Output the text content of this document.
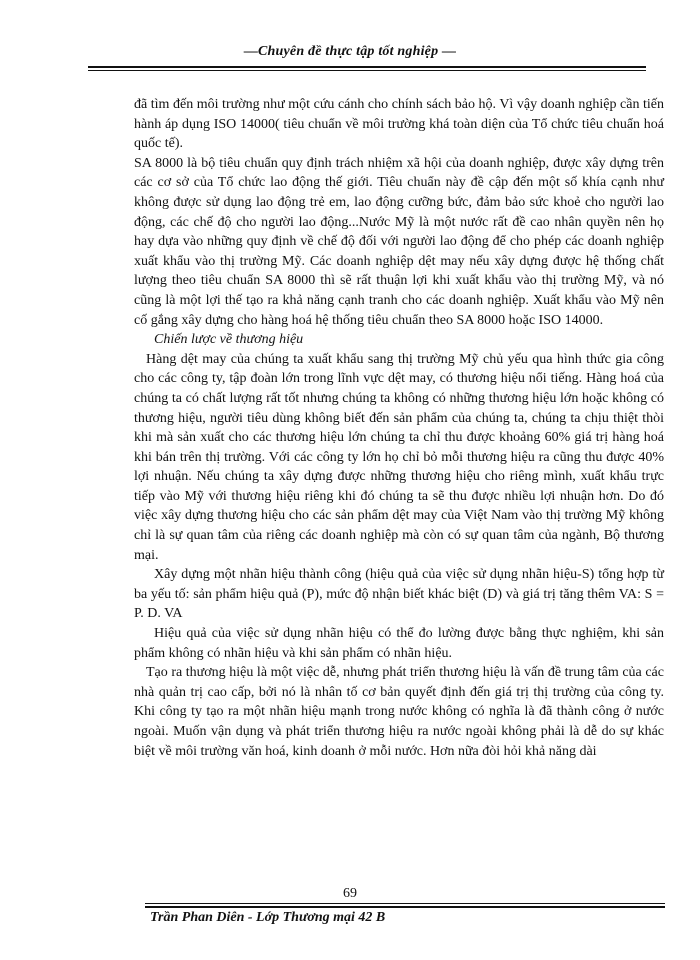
—Chuyên đề thực tập tốt nghiệp —

đã tìm đến môi trường như một cứu cánh cho chính sách bảo hộ. Vì vậy doanh nghiệp cần tiến hành áp dụng ISO 14000( tiêu chuẩn về môi trường khá toàn diện của Tổ chức tiêu chuẩn hoá quốc tế).

SA 8000 là bộ tiêu chuẩn quy định trách nhiệm xã hội của doanh nghiệp, được xây dựng trên các cơ sở của Tổ chức lao động thế giới. Tiêu chuẩn này đề cập đến một số khía cạnh như không được sử dụng lao động trẻ em, lao động cưỡng bức, đảm bảo sức khoẻ cho người lao động, các chế độ cho người lao động...Nước Mỹ là một nước rất đề cao nhân quyền nên họ hay dựa vào những quy định về chế độ đối với người lao động để cho phép các doanh nghiệp xuất khẩu vào thị trường Mỹ. Các doanh nghiệp dệt may nếu xây dựng được hệ thống chất lượng theo tiêu chuẩn SA 8000 thì sẽ rất thuận lợi khi xuất khẩu vào thị trường Mỹ, và nó cũng là một lợi thế tạo ra khả năng cạnh tranh cho các doanh nghiệp. Xuất khẩu vào Mỹ nên cố gắng xây dựng cho hàng hoá hệ thống tiêu chuẩn theo SA 8000 hoặc ISO 14000.

Chiến lược về thương hiệu

Hàng dệt may của chúng ta xuất khẩu sang thị trường Mỹ chủ yếu qua hình thức gia công cho các công ty, tập đoàn lớn trong lĩnh vực dệt may, có thương hiệu nổi tiếng. Hàng hoá của chúng ta có chất lượng rất tốt nhưng chúng ta không có những thương hiệu lớn hoặc không có thương hiệu, người tiêu dùng không biết đến sản phẩm của chúng ta, chúng ta chịu thiệt thòi khi mà sản xuất cho các thương hiệu lớn chúng ta chỉ thu được khoảng 60% giá trị hàng hoá khi bán trên thị trường. Với các công ty lớn họ chỉ bỏ mỗi thương hiệu ra cũng thu được 40% lợi nhuận. Nếu chúng ta xây dựng được những thương hiệu cho riêng mình, xuất khẩu trực tiếp vào Mỹ với thương hiệu riêng khi đó chúng ta sẽ thu được nhiều lợi nhuận hơn. Do đó việc xây dựng thương hiệu cho các sản phẩm dệt may của Việt Nam vào thị trường Mỹ không chỉ là sự quan tâm của riêng các doanh nghiệp mà còn có sự quan tâm của ngành, Bộ thương mại.

Xây dựng một nhãn hiệu thành công (hiệu quả của việc sử dụng nhãn hiệu-S) tổng hợp từ ba yếu tố: sản phẩm hiệu quả (P), mức độ nhận biết khác biệt (D) và giá trị tăng thêm VA: S = P. D. VA

Hiệu quả của việc sử dụng nhãn hiệu có thể đo lường được bằng thực nghiệm, khi sản phẩm không có nhãn hiệu và khi sản phẩm có nhãn hiệu.

Tạo ra thương hiệu là một việc dễ, nhưng phát triển thương hiệu là vấn đề trung tâm của các nhà quản trị cao cấp, bởi nó là nhân tố cơ bản quyết định đến giá trị thị trường của công ty. Khi công ty tạo ra một nhãn hiệu mạnh trong nước không có nghĩa là đã thành công ở nước ngoài. Muốn vận dụng và phát triển thương hiệu ra nước ngoài không phải là dễ do sự khác biệt về môi trường văn hoá, kinh doanh ở mỗi nước. Hơn nữa đòi hỏi khả năng dài

69
Trần Phan Diên - Lớp Thương mại 42 B
